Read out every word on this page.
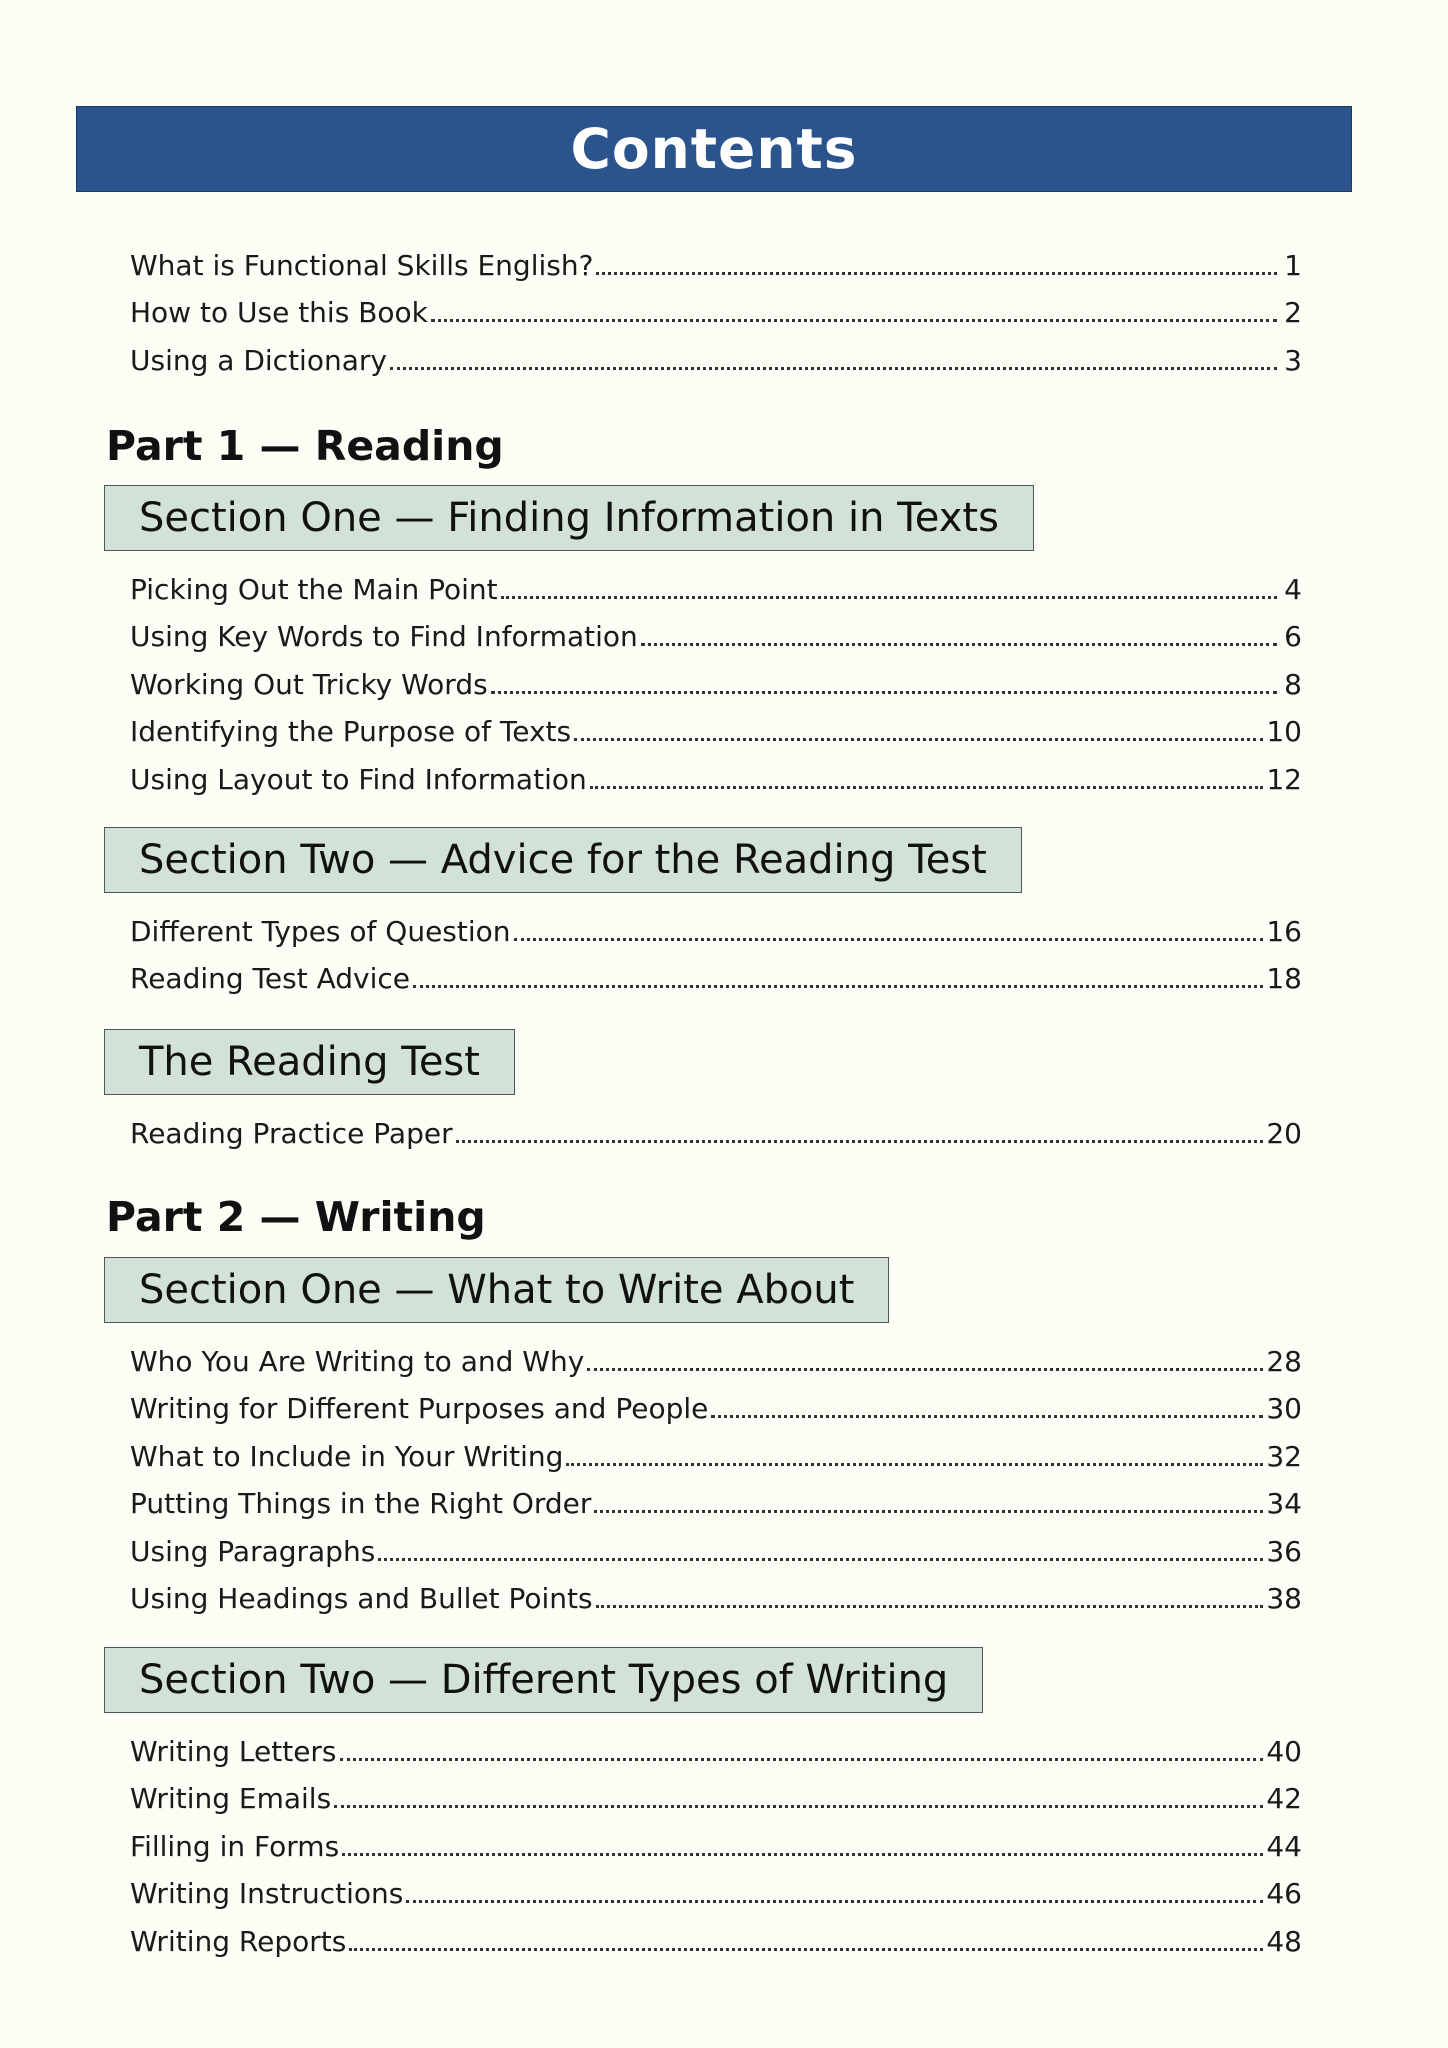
Contents
What is Functional Skills English?	1
How to Use this Book	2
Using a Dictionary	3
Part 1 — Reading
Section One — Finding Information in Texts
Picking Out the Main Point	4
Using Key Words to Find Information	6
Working Out Tricky Words	8
Identifying the Purpose of Texts	10
Using Layout to Find Information	12
Section Two — Advice for the Reading Test
Different Types of Question	16
Reading Test Advice	18
The Reading Test
Reading Practice Paper	20
Part 2 — Writing
Section One — What to Write About
Who You Are Writing to and Why	28
Writing for Different Purposes and People	30
What to Include in Your Writing	32
Putting Things in the Right Order	34
Using Paragraphs	36
Using Headings and Bullet Points	38
Section Two — Different Types of Writing
Writing Letters	40
Writing Emails	42
Filling in Forms	44
Writing Instructions	46
Writing Reports	48
